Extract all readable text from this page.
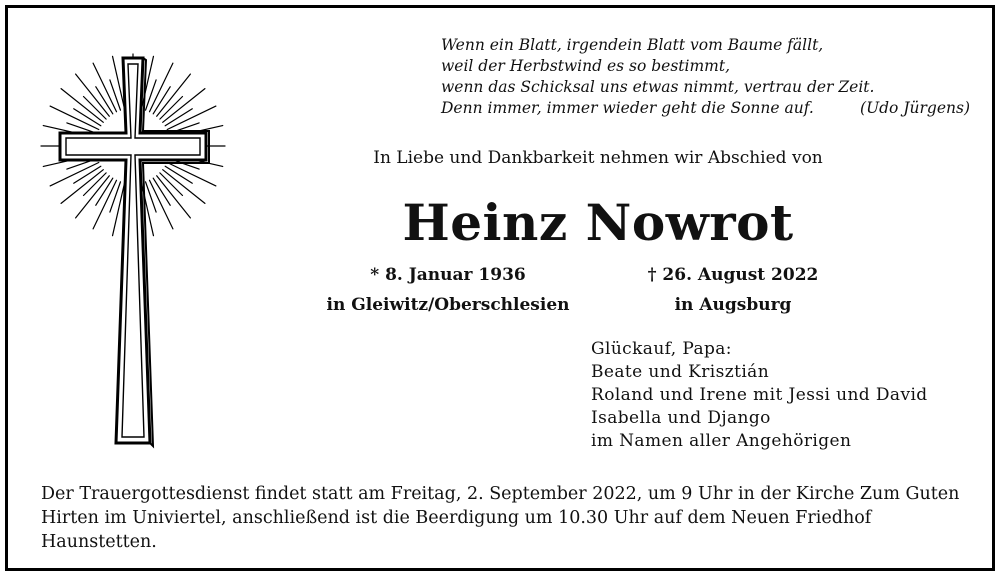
Wenn ein Blatt, irgendein Blatt vom Baume fällt,
weil der Herbstwind es so bestimmt,
wenn das Schicksal uns etwas nimmt, vertrau der Zeit.
Denn immer, immer wieder geht die Sonne auf.	(Udo Jürgens)
In Liebe und Dankbarkeit nehmen wir Abschied von
Heinz Nowrot
* 8. Januar 1936
in Gleiwitz/Oberschlesien
† 26. August 2022
in Augsburg
Glückauf, Papa:
Beate und Krisztián
Roland und Irene mit Jessi und David
Isabella und Django
im Namen aller Angehörigen
Der Trauergottesdienst findet statt am Freitag, 2. September 2022, um 9 Uhr in der Kirche Zum Guten Hirten im Univiertel, anschließend ist die Beerdigung um 10.30 Uhr auf dem Neuen Friedhof Haunstetten.
